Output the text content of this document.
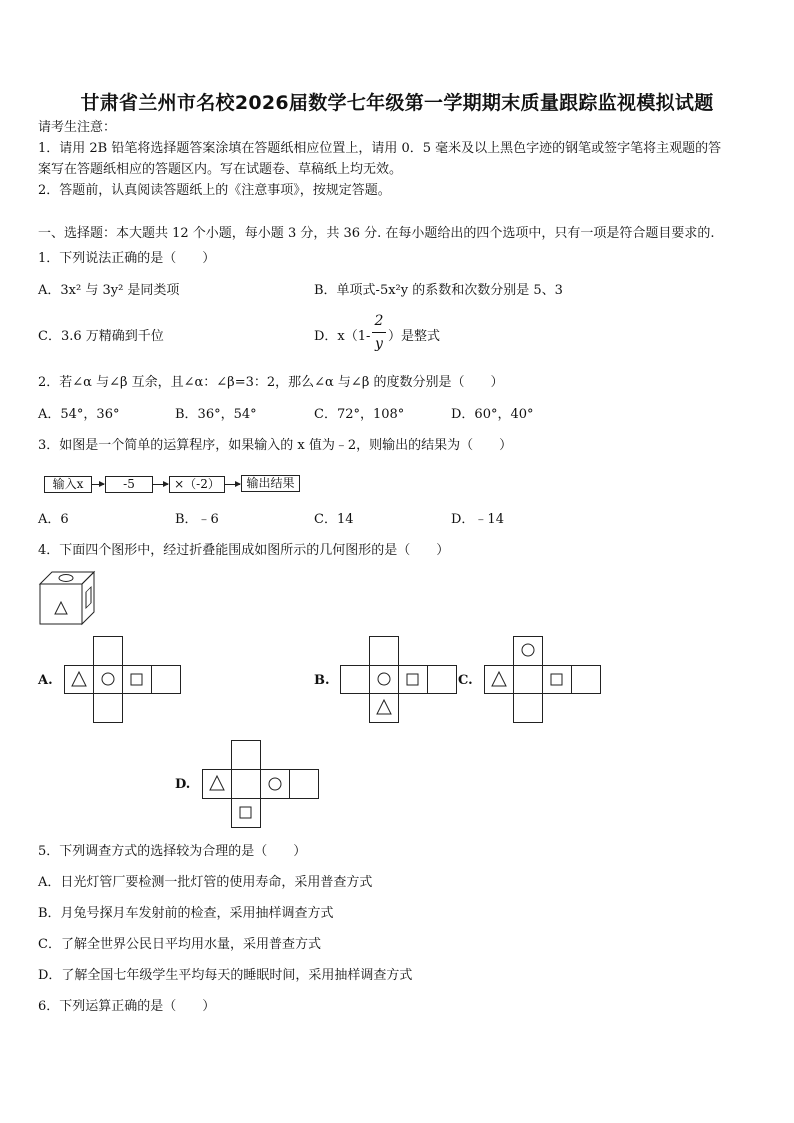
甘肃省兰州市名校2026届数学七年级第一学期期末质量跟踪监视模拟试题
请考生注意：
1．请用 2B 铅笔将选择题答案涂填在答题纸相应位置上，请用 0．5 毫米及以上黑色字迹的钢笔或签字笔将主观题的答
案写在答题纸相应的答题区内。写在试题卷、草稿纸上均无效。
2．答题前，认真阅读答题纸上的《注意事项》，按规定答题。
一、选择题：本大题共 12 个小题，每小题 3 分，共 36 分. 在每小题给出的四个选项中，只有一项是符合题目要求的.
1．下列说法正确的是（　　）
A．3x² 与 3y² 是同类项	B．单项式-5x²y 的系数和次数分别是 5、3
C．3.6 万精确到千位	D．x（1-
2
y ）是整式
2．若∠α 与∠β 互余，且∠α：∠β=3：2，那么∠α 与∠β 的度数分别是（　　）
A．54°，36°	B．36°，54°	C．72°，108°	D．60°，40°
3．如图是一个简单的运算程序，如果输入的 x 值为﹣2，则输出的结果为（　　）
输入x	-5	×（-2）	输出结果
A．6	B．﹣6	C．14	D．﹣14
4．下面四个图形中，经过折叠能围成如图所示的几何图形的是（　　）
A.	B.	C.
D.
5．下列调查方式的选择较为合理的是（　　）
A．日光灯管厂要检测一批灯管的使用寿命，采用普查方式
B．月兔号探月车发射前的检查，采用抽样调查方式
C．了解全世界公民日平均用水量，采用普查方式
D．了解全国七年级学生平均每天的睡眠时间，采用抽样调查方式
6．下列运算正确的是（　　）
